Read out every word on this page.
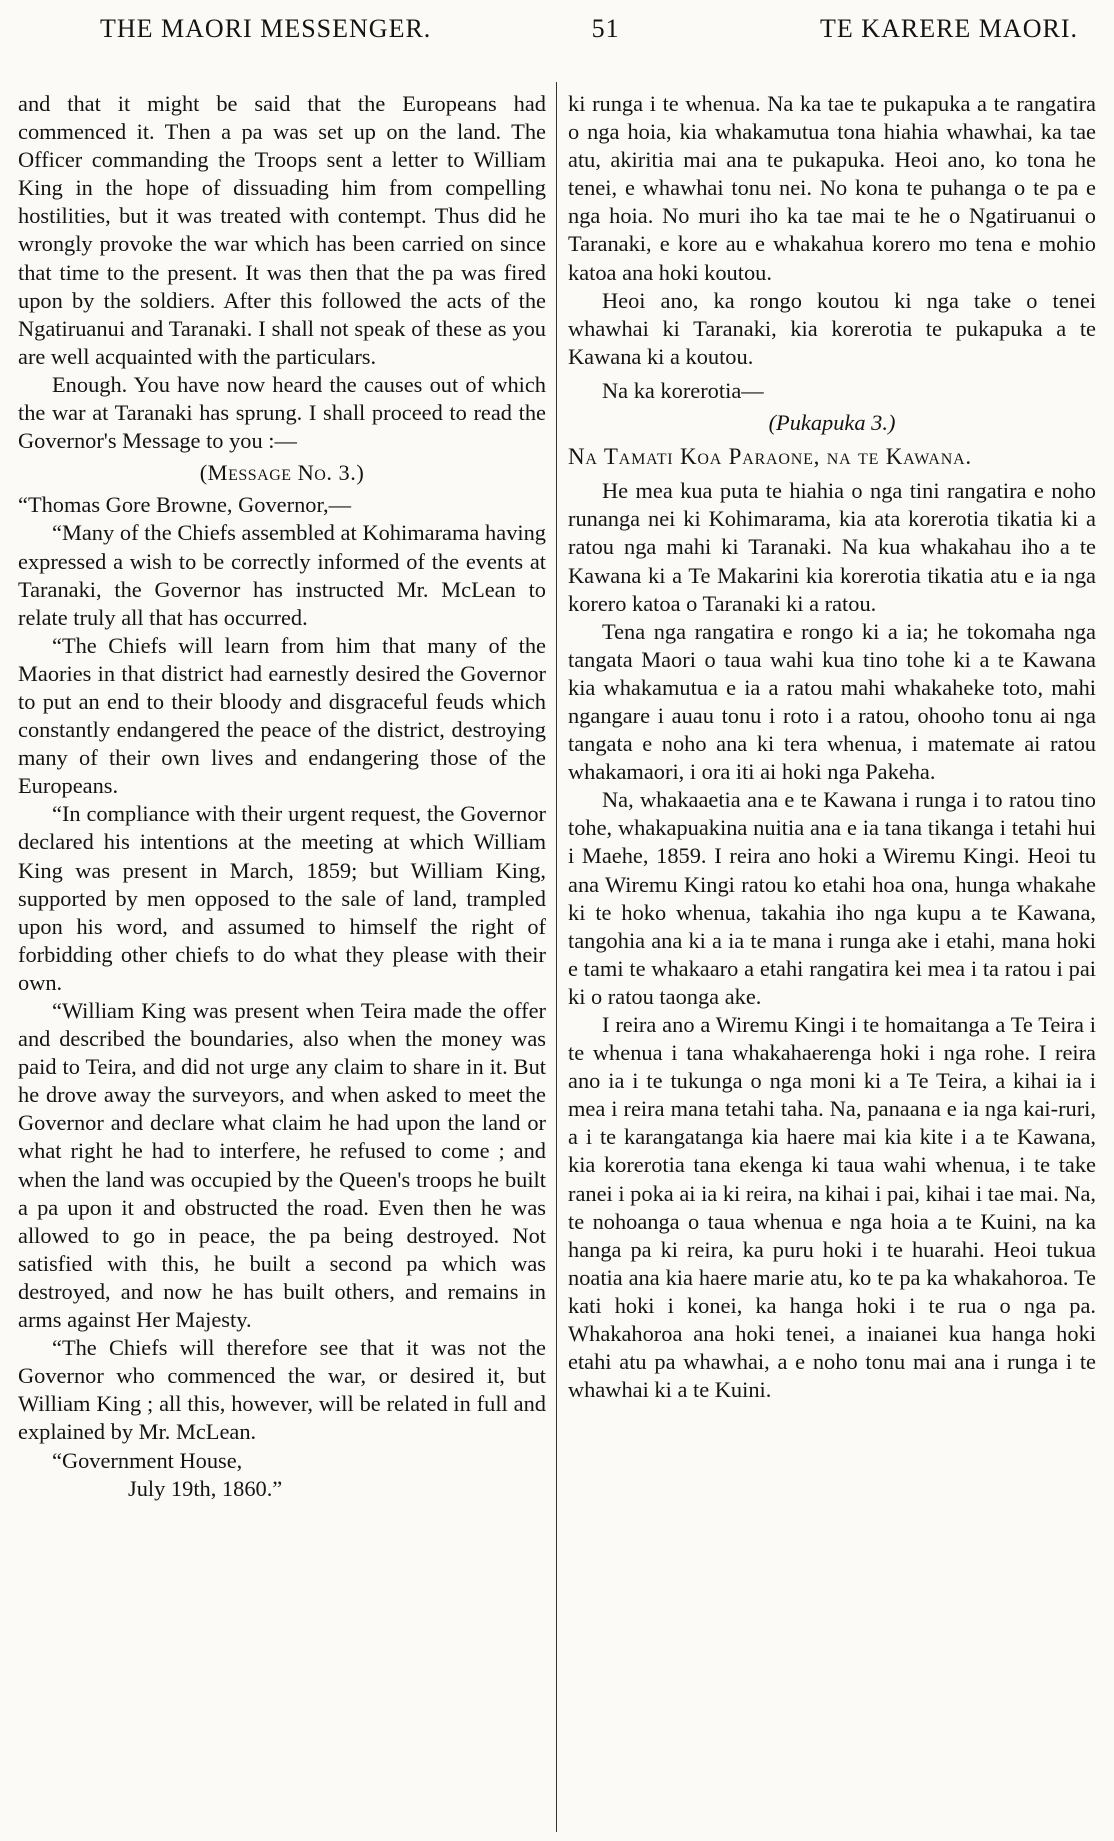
THE MAORI MESSENGER.	51	TE KARERE MAORI.

and that it might be said that the Europeans had commenced it. Then a pa was set up on the land. The Officer commanding the Troops sent a letter to William King in the hope of dissuading him from compelling hostilities, but it was treated with contempt. Thus did he wrongly provoke the war which has been carried on since that time to the present. It was then that the pa was fired upon by the soldiers. After this followed the acts of the Ngatiruanui and Taranaki. I shall not speak of these as you are well acquainted with the particulars.

Enough. You have now heard the causes out of which the war at Taranaki has sprung. I shall proceed to read the Governor's Message to you :—

(Message No. 3.)

“Thomas Gore Browne, Governor,—

“Many of the Chiefs assembled at Kohimarama having expressed a wish to be correctly informed of the events at Taranaki, the Governor has instructed Mr. McLean to relate truly all that has occurred.

“The Chiefs will learn from him that many of the Maories in that district had earnestly desired the Governor to put an end to their bloody and disgraceful feuds which constantly endangered the peace of the district, destroying many of their own lives and endangering those of the Europeans.

“In compliance with their urgent request, the Governor declared his intentions at the meeting at which William King was present in March, 1859; but William King, supported by men opposed to the sale of land, trampled upon his word, and assumed to himself the right of forbidding other chiefs to do what they please with their own.

“William King was present when Teira made the offer and described the boundaries, also when the money was paid to Teira, and did not urge any claim to share in it. But he drove away the surveyors, and when asked to meet the Governor and declare what claim he had upon the land or what right he had to interfere, he refused to come ; and when the land was occupied by the Queen's troops he built a pa upon it and obstructed the road. Even then he was allowed to go in peace, the pa being destroyed. Not satisfied with this, he built a second pa which was destroyed, and now he has built others, and remains in arms against Her Majesty.

“The Chiefs will therefore see that it was not the Governor who commenced the war, or desired it, but William King ; all this, however, will be related in full and explained by Mr. McLean.

“Government House,

July 19th, 1860.”

ki runga i te whenua. Na ka tae te pukapuka a te rangatira o nga hoia, kia whakamutua tona hiahia whawhai, ka tae atu, akiritia mai ana te pukapuka. Heoi ano, ko tona he tenei, e whawhai tonu nei. No kona te puhanga o te pa e nga hoia. No muri iho ka tae mai te he o Ngatiruanui o Taranaki, e kore au e whakahua korero mo tena e mohio katoa ana hoki koutou.

Heoi ano, ka rongo koutou ki nga take o tenei whawhai ki Taranaki, kia korerotia te pukapuka a te Kawana ki a koutou.

Na ka korerotia—

(Pukapuka 3.)

Na Tamati Koa Paraone, na te Kawana.

He mea kua puta te hiahia o nga tini rangatira e noho runanga nei ki Kohimarama, kia ata korerotia tikatia ki a ratou nga mahi ki Taranaki. Na kua whakahau iho a te Kawana ki a Te Makarini kia korerotia tikatia atu e ia nga korero katoa o Taranaki ki a ratou.

Tena nga rangatira e rongo ki a ia; he tokomaha nga tangata Maori o taua wahi kua tino tohe ki a te Kawana kia whakamutua e ia a ratou mahi whakaheke toto, mahi ngangare i auau tonu i roto i a ratou, ohooho tonu ai nga tangata e noho ana ki tera whenua, i matemate ai ratou whakamaori, i ora iti ai hoki nga Pakeha.

Na, whakaaetia ana e te Kawana i runga i to ratou tino tohe, whakapuakina nuitia ana e ia tana tikanga i tetahi hui i Maehe, 1859. I reira ano hoki a Wiremu Kingi. Heoi tu ana Wiremu Kingi ratou ko etahi hoa ona, hunga whakahe ki te hoko whenua, takahia iho nga kupu a te Kawana, tangohia ana ki a ia te mana i runga ake i etahi, mana hoki e tami te whakaaro a etahi rangatira kei mea i ta ratou i pai ki o ratou taonga ake.

I reira ano a Wiremu Kingi i te homaitanga a Te Teira i te whenua i tana whakahaerenga hoki i nga rohe. I reira ano ia i te tukunga o nga moni ki a Te Teira, a kihai ia i mea i reira mana tetahi taha. Na, panaana e ia nga kai-ruri, a i te karangatanga kia haere mai kia kite i a te Kawana, kia korerotia tana ekenga ki taua wahi whenua, i te take ranei i poka ai ia ki reira, na kihai i pai, kihai i tae mai. Na, te nohoanga o taua whenua e nga hoia a te Kuini, na ka hanga pa ki reira, ka puru hoki i te huarahi. Heoi tukua noatia ana kia haere marie atu, ko te pa ka whakahoroa. Te kati hoki i konei, ka hanga hoki i te rua o nga pa. Whakahoroa ana hoki tenei, a inaianei kua hanga hoki etahi atu pa whawhai, a e noho tonu mai ana i runga i te whawhai ki a te Kuini.
